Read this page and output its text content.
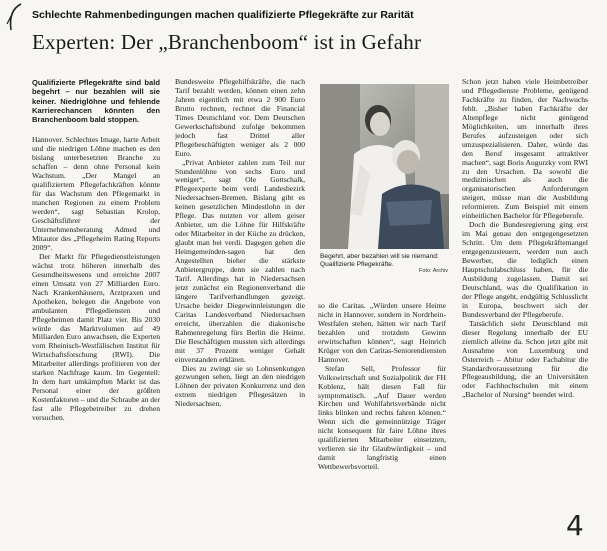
Schlechte Rahmenbedingungen machen qualifizierte Pflegekräfte zur Rarität
Experten: Der „Branchenboom“ ist in Gefahr

Qualifizierte Pflegekräfte sind bald begehrt – nur bezahlen will sie keiner. Niedriglöhne und fehlende Karrierechancen könnten den Branchenboom bald stoppen.

Hannover. Schlechtes Image, harte Arbeit und die niedrigen Löhne machen es den bislang unterbesetzten Branche zu schaffen – denn ohne Personal kein Wachstum. „Der Mangel an qualifiziertem Pflegefachkräften könnte für das Wachstum den Pflegemarkt in manchen Regionen zu einem Problem werden“, sagt Sebastian Krolop, Geschäftsführer der Unternehmensberatung Admed und Mitautor des „Pflegeheim Rating Reports 2009“.

Der Markt für Pflegedienstleistungen wächst trotz höheren innerhalb des Gesundheitswesens und erreichte 2007 einen Umsatz von 27 Milliarden Euro. Nach Krankenhäusern, Arztpraxen und Apotheken, belegen die Angebote von ambulanten Pflegediensten und Pflegeheimen damit Platz vier. Bis 2030 würde das Marktvolumen auf 49 Milliarden Euro anwachsen, die Experten vom Rheinisch-Westfälischen Institut für Wirtschaftsforschung (RWI). Die Mitarbeiter allerdings profitieren von der starken Nachfrage kaum. Im Gegenteil: In dem hart umkämpften Markt ist das Personal einer der größten Kostenfaktoren – und die Schraube an der fast alle Pflegebetreiber zu drehen versuchen.

Bundesweite Pflegehilfskräfte, die nach Tarif bezahlt werden, können einen zehn Jahren eigentlich mit etwa 2 900 Euro Brutto rechnen, rechnet die Financial Times Deutschland vor. Dem Deutschen Gewerkschaftsbund zufolge bekommen jedoch fast Drittel aller Pflegebeschäftigten weniger als 2 000 Euro.

„Privat Anbieter zahlen zum Teil nur Stundenlöhne von sechs Euro und weniger“, sagt Ole Gottschalk, Pflegeexperte beim verdi Landesbezirk Niedersachsen-Bremen. Bislang gibt es keinen gesetzlichen Mindestlohn in der Pflege. Das nutzten vor allem geiser Anbieter, um die Löhne für Hilfskräfte oder Mitarbeiter in der Küche zu drücken, glaubt man bei verdi. Dagegen gehen die Heimgemeinden-sagen hat den Angestellten bieher die stärkste Anbietergruppe, denn sie zahlen nach Tarif. Allerdings hat in Niedersachsen jetzt zunächst ein Regionenverband die längere Tarifverhandlungen gezeigt. Ursache beider Diegewinnleistungen die Caritas Landesverband Niedersachsen erreicht, überzahlen die diakonische Rahmenregelung fürs Berlin die Heime. Die Beschäftigten mussten sich allerdings mit 37 Prozent weniger Gehalt einverstanden erklären.

Dies zu zwingt sie so Lohnsenkungen gezwungen sehen, liegt an den niedrigen Löhnen der privaten Konkurrenz und den extrem niedrigen Pflegesätzen in Niedersachsen,

Begehrt, aber bezahlen will sie niemand: Qualifizierte Pflegekräfte.
Foto: Archiv

so die Caritas. „Würden unsere Heime nicht in Hannover, sondern in Nordrhein-Westfalen stehen, hätten wir nach Tarif bezahlen und trotzdem Gewinn erwirtschaften können“, sagt Heinrich Krüger von den Caritas-Seniorendiensten Hannover.

Stefan Sell, Professor für Volkswirtschaft und Sozialpolitik der FH Koblenz, hält diesen Fall für symptomatisch. „Auf Dauer werden Kirchen und Wohlfahrtsverbände nicht links blinken und rechts fahren können.“ Wenn sich die gemeinnützige Träger nicht konsequent für faire Löhne ihres qualifizierten Mitarbeiter einsetzten, verlieren sie ihr Glaubwürdigkeit – und damit langfristig einen Wettbewerbsvorteil.

Schon jetzt haben viele Heimbetreiber und Pflegedienste Probleme, genügend Fachkräfte zu finden, der Nachwuchs fehlt. „Bisher haben Fachkräfte der Altenpflege nicht genügend Möglichkeiten, um innerhalb ihres Berufes aufzusteigen oder sich umzuspezialisieren. Daher, würde das den Beruf insgesamt attraktiver machen“, sagt Boris Augurzky vom RWI zu den Ursachen. Da sowohl die medizinischen als auch die organisatorischen Anforderungen steigen, müsse man die Ausbildung reformieren. Zum Beispiel mit einem einheitlichen Bachelor für Pflegeberufe.

Doch die Bundesregierung ging erst im Mai genau den entgegengesetzten Schritt. Um dem Pflegekräftemangel entgegenzusteuern, werden nun auch Bewerber, die lediglich einen Hauptschulabschluss haben, für die Ausbildung zugelassen. Damit sei Deutschland, was die Qualifikation in der Pflege angeht, endgültig Schlusslicht in Europa, beschwert sich der Bundesverband der Pflegeberufe.

Tatsächlich sieht Deutschland mit dieser Regelung innerhalb der EU ziemlich alleine da. Schon jetzt gibt mit Ausnahme von Luxemburg und Österreich – Abitur oder Fachabitur die Standardvoraussetzung für die Pflegeausbildung, die an Universitäten oder Fachhochschulen mit einem „Bachelor of Nursing“ beendet wird.

4
